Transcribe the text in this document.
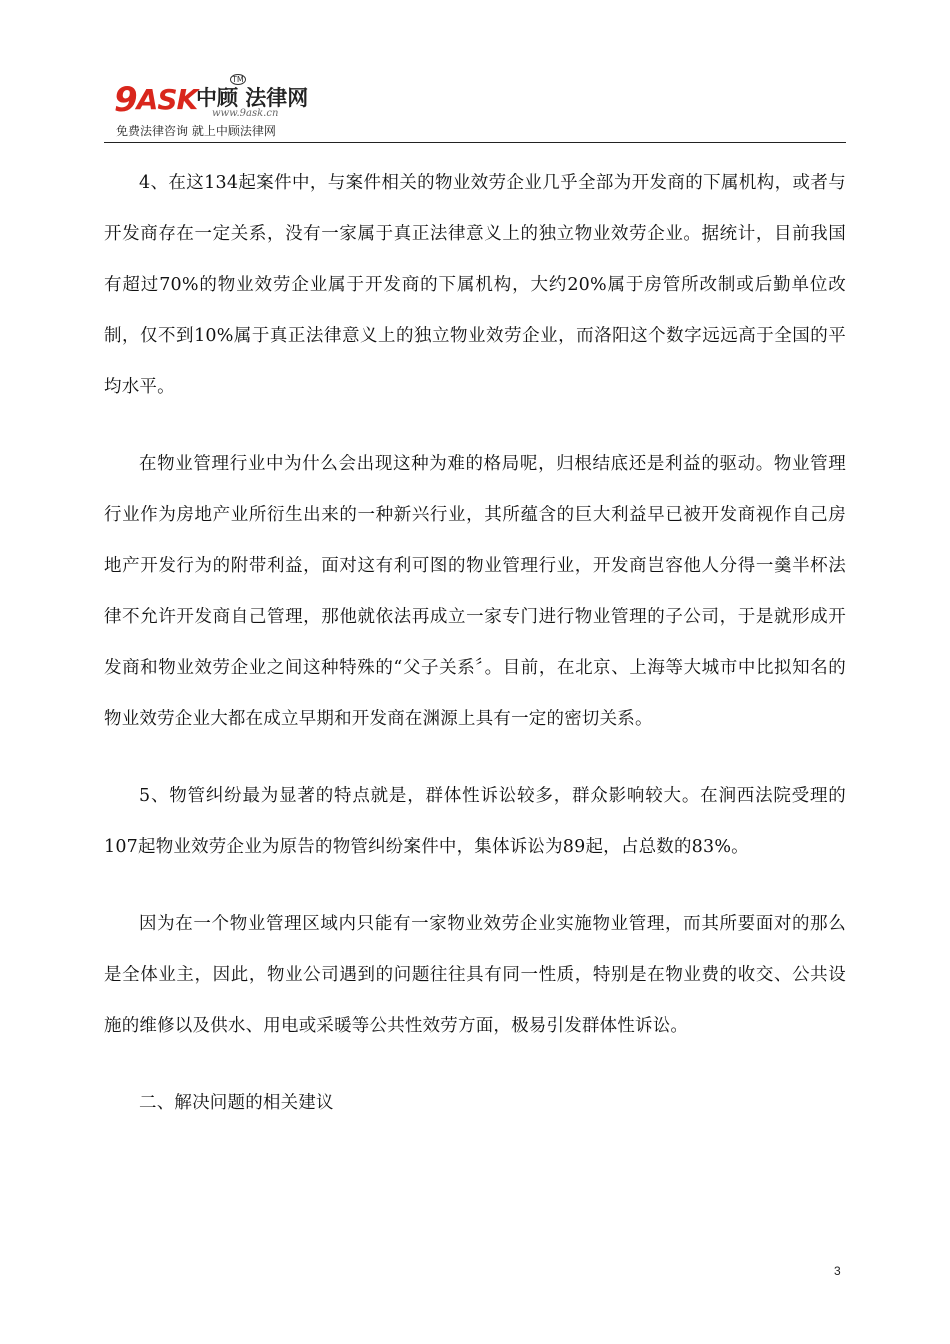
9ASK
中顾 法律网
TM
www.9ask.cn
免费法律咨询 就上中顾法律网

4、在这134起案件中，与案件相关的物业效劳企业几乎全部为开发商的下属机构，或者与开发商存在一定关系，没有一家属于真正法律意义上的独立物业效劳企业。据统计，目前我国有超过70%的物业效劳企业属于开发商的下属机构，大约20%属于房管所改制或后勤单位改制，仅不到10%属于真正法律意义上的独立物业效劳企业，而洛阳这个数字远远高于全国的平均水平。

在物业管理行业中为什么会出现这种为难的格局呢，归根结底还是利益的驱动。物业管理行业作为房地产业所衍生出来的一种新兴行业，其所蕴含的巨大利益早已被开发商视作自己房地产开发行为的附带利益，面对这有利可图的物业管理行业，开发商岂容他人分得一羹半杯法律不允许开发商自己管理，那他就依法再成立一家专门进行物业管理的子公司，于是就形成开发商和物业效劳企业之间这种特殊的“父子关系〞。目前，在北京、上海等大城市中比拟知名的物业效劳企业大都在成立早期和开发商在渊源上具有一定的密切关系。

5、物管纠纷最为显著的特点就是，群体性诉讼较多，群众影响较大。在涧西法院受理的107起物业效劳企业为原告的物管纠纷案件中，集体诉讼为89起，占总数的83%。

因为在一个物业管理区域内只能有一家物业效劳企业实施物业管理，而其所要面对的那么是全体业主，因此，物业公司遇到的问题往往具有同一性质，特别是在物业费的收交、公共设施的维修以及供水、用电或采暖等公共性效劳方面，极易引发群体性诉讼。

二、解决问题的相关建议

3
